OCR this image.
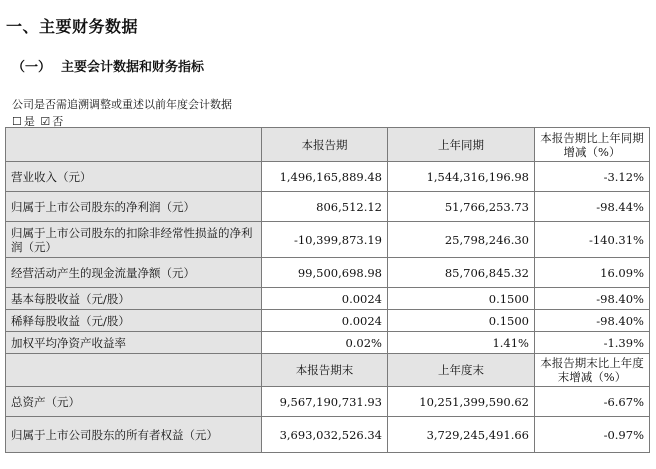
一、主要财务数据
（一） 主要会计数据和财务指标
公司是否需追溯调整或重述以前年度会计数据
☐ 是 ☑ 否
	本报告期	上年同期	本报告期比上年同期增减（%）
营业收入（元）	1,496,165,889.48	1,544,316,196.98	-3.12%
归属于上市公司股东的净利润（元）	806,512.12	51,766,253.73	-98.44%
归属于上市公司股东的扣除非经常性损益的净利润（元）	-10,399,873.19	25,798,246.30	-140.31%
经营活动产生的现金流量净额（元）	99,500,698.98	85,706,845.32	16.09%
基本每股收益（元/股）	0.0024	0.1500	-98.40%
稀释每股收益（元/股）	0.0024	0.1500	-98.40%
加权平均净资产收益率	0.02%	1.41%	-1.39%
	本报告期末	上年度末	本报告期末比上年度末增减（%）
总资产（元）	9,567,190,731.93	10,251,399,590.62	-6.67%
归属于上市公司股东的所有者权益（元）	3,693,032,526.34	3,729,245,491.66	-0.97%
